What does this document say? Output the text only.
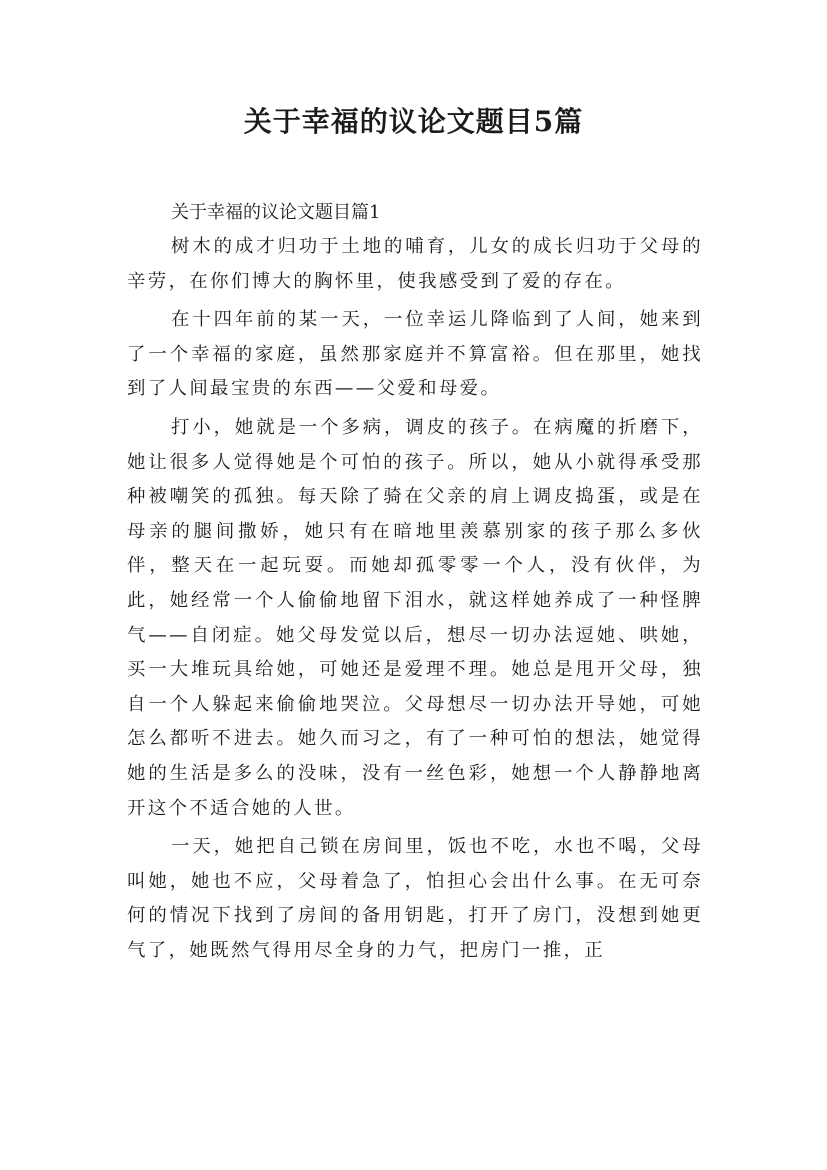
关于幸福的议论文题目5篇

关于幸福的议论文题目篇1

树木的成才归功于土地的哺育，儿女的成长归功于父母的辛劳，在你们博大的胸怀里，使我感受到了爱的存在。

在十四年前的某一天，一位幸运儿降临到了人间，她来到了一个幸福的家庭，虽然那家庭并不算富裕。但在那里，她找到了人间最宝贵的东西——父爱和母爱。

打小，她就是一个多病，调皮的孩子。在病魔的折磨下，她让很多人觉得她是个可怕的孩子。所以，她从小就得承受那种被嘲笑的孤独。每天除了骑在父亲的肩上调皮捣蛋，或是在母亲的腿间撒娇，她只有在暗地里羡慕别家的孩子那么多伙伴，整天在一起玩耍。而她却孤零零一个人，没有伙伴，为此，她经常一个人偷偷地留下泪水，就这样她养成了一种怪脾气——自闭症。她父母发觉以后，想尽一切办法逗她、哄她，买一大堆玩具给她，可她还是爱理不理。她总是甩开父母，独自一个人躲起来偷偷地哭泣。父母想尽一切办法开导她，可她怎么都听不进去。她久而习之，有了一种可怕的想法，她觉得她的生活是多么的没味，没有一丝色彩，她想一个人静静地离开这个不适合她的人世。

一天，她把自己锁在房间里，饭也不吃，水也不喝，父母叫她，她也不应，父母着急了，怕担心会出什么事。在无可奈何的情况下找到了房间的备用钥匙，打开了房门，没想到她更气了，她既然气得用尽全身的力气，把房门一推，正
